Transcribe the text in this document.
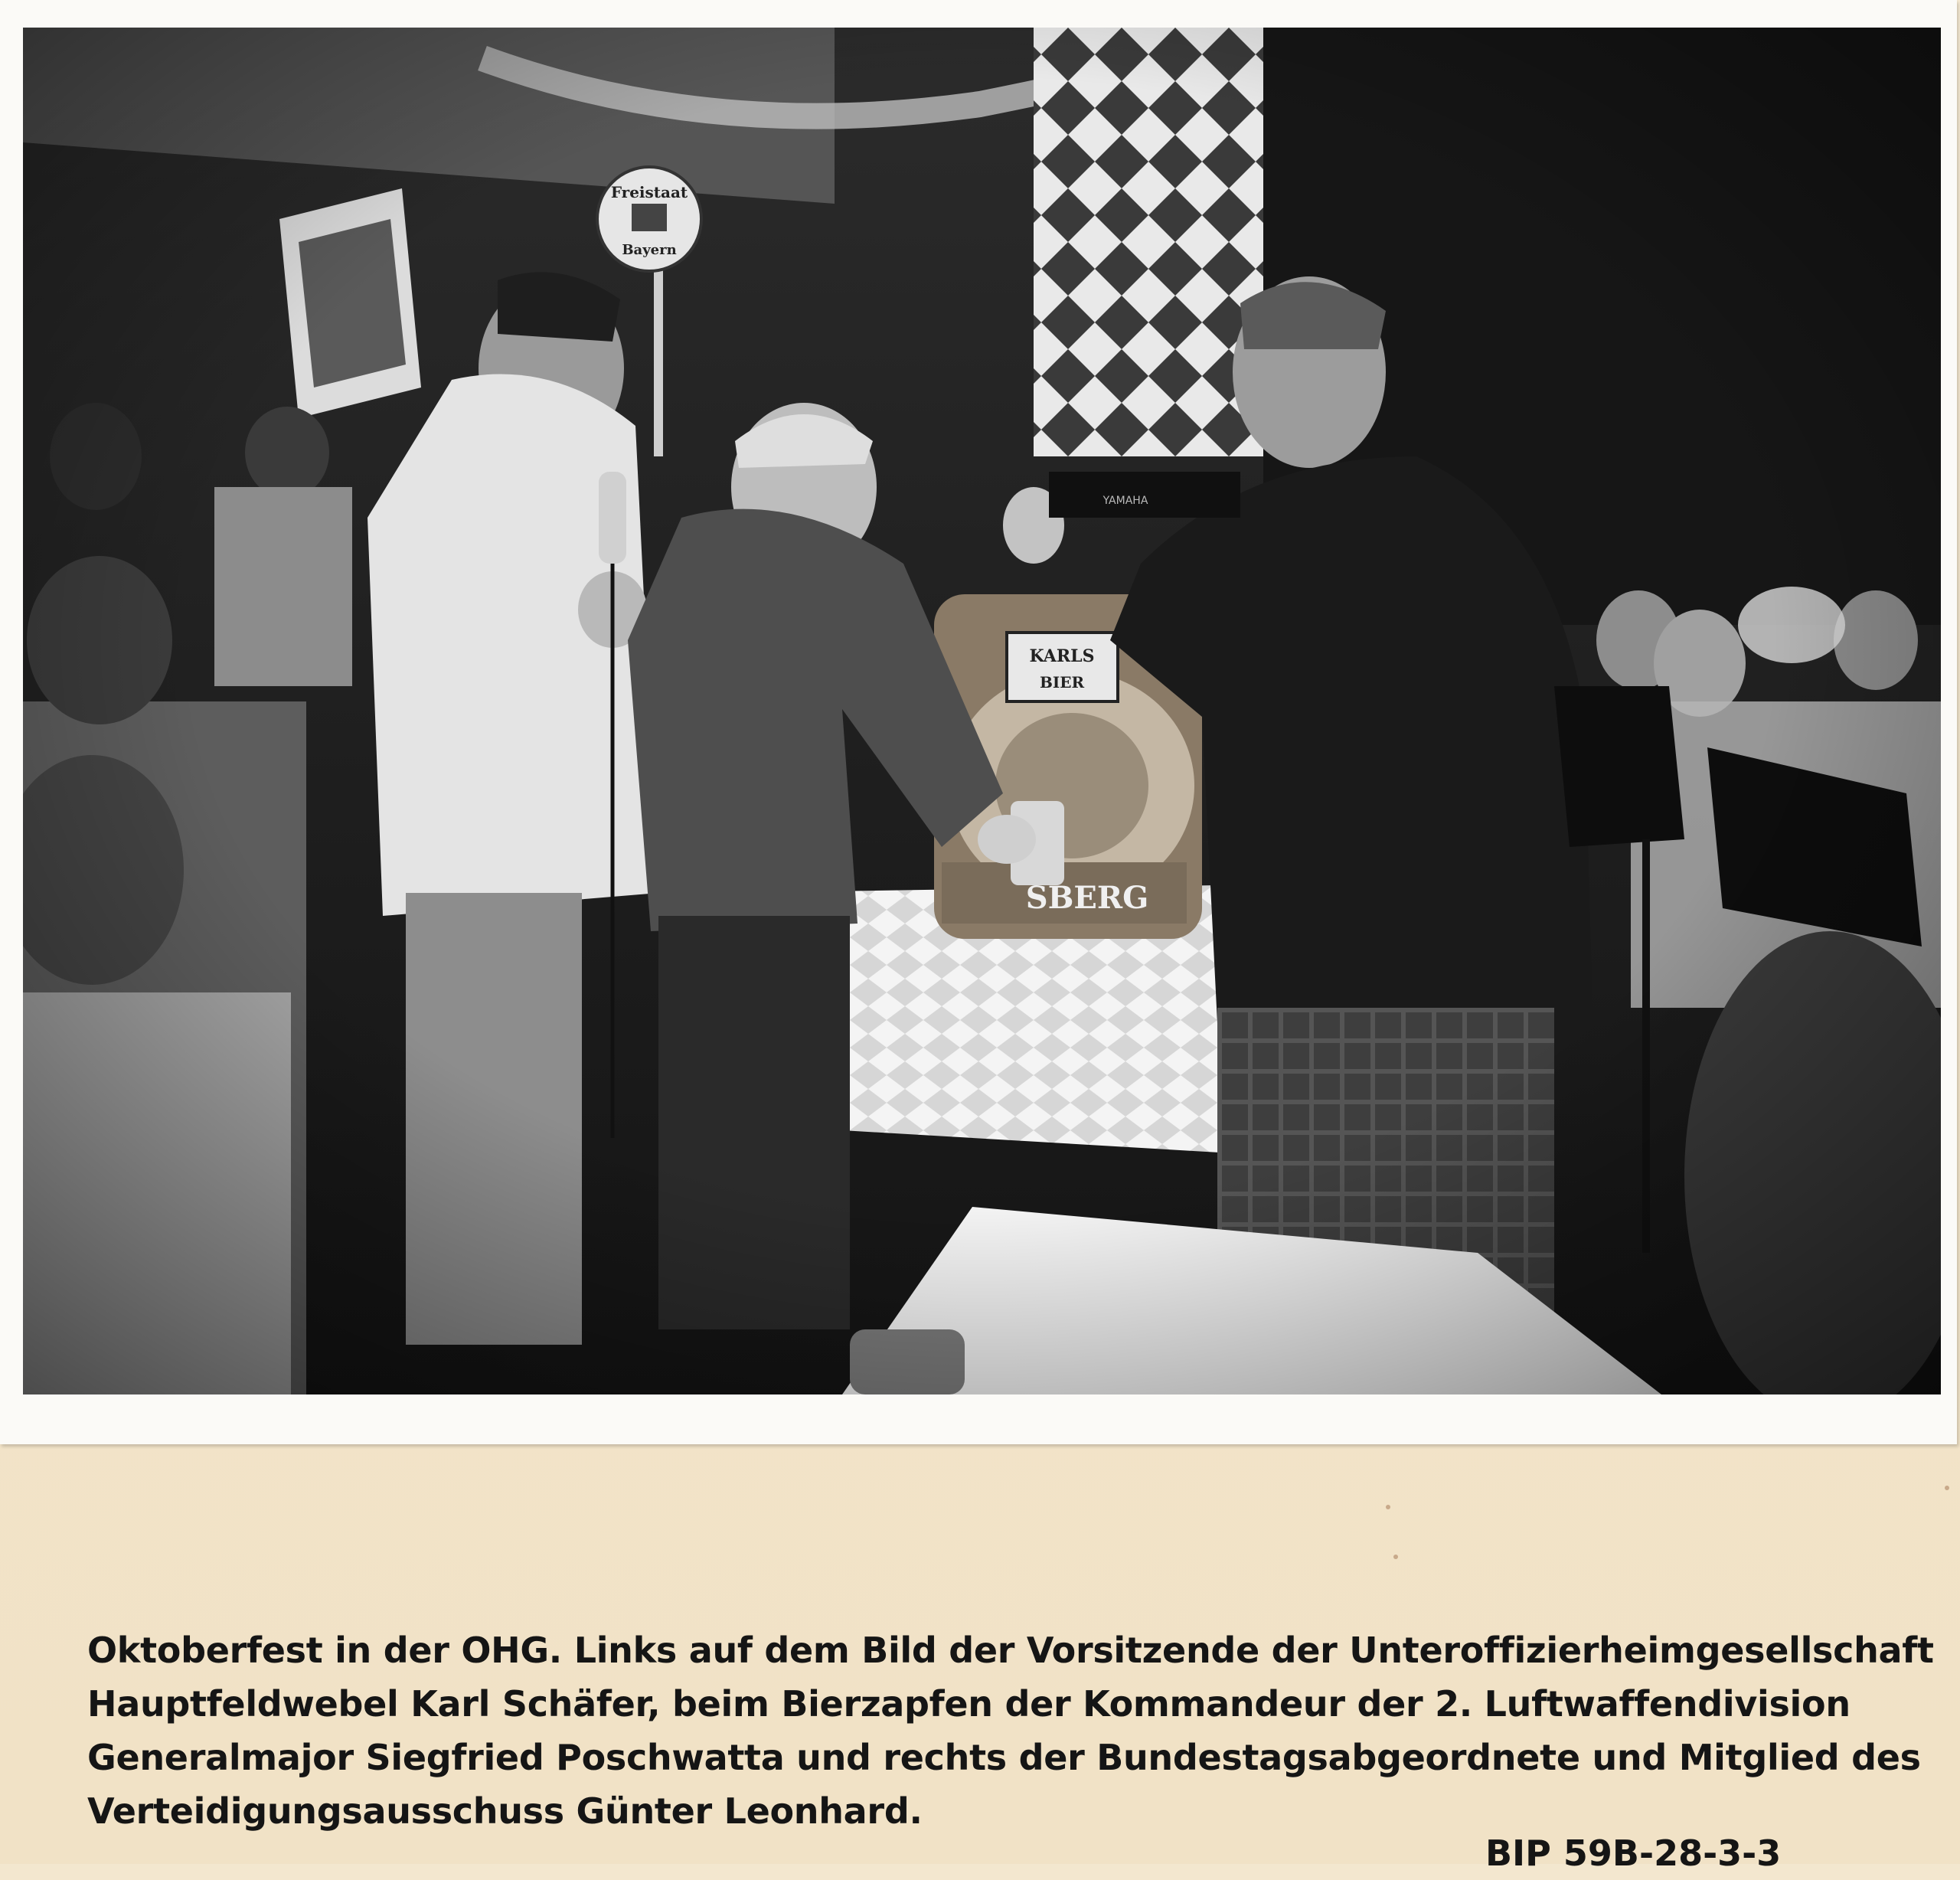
Oktoberfest in der OHG. Links auf dem Bild der Vorsitzende der Unteroffizierheimgesellschaft
Hauptfeldwebel Karl Schäfer, beim Bierzapfen der Kommandeur der 2. Luftwaffendivision
Generalmajor Siegfried Poschwatta und rechts der Bundestagsabgeordnete und Mitglied des
Verteidigungsausschuss Günter Leonhard.
BIP 59B-28-3-3
